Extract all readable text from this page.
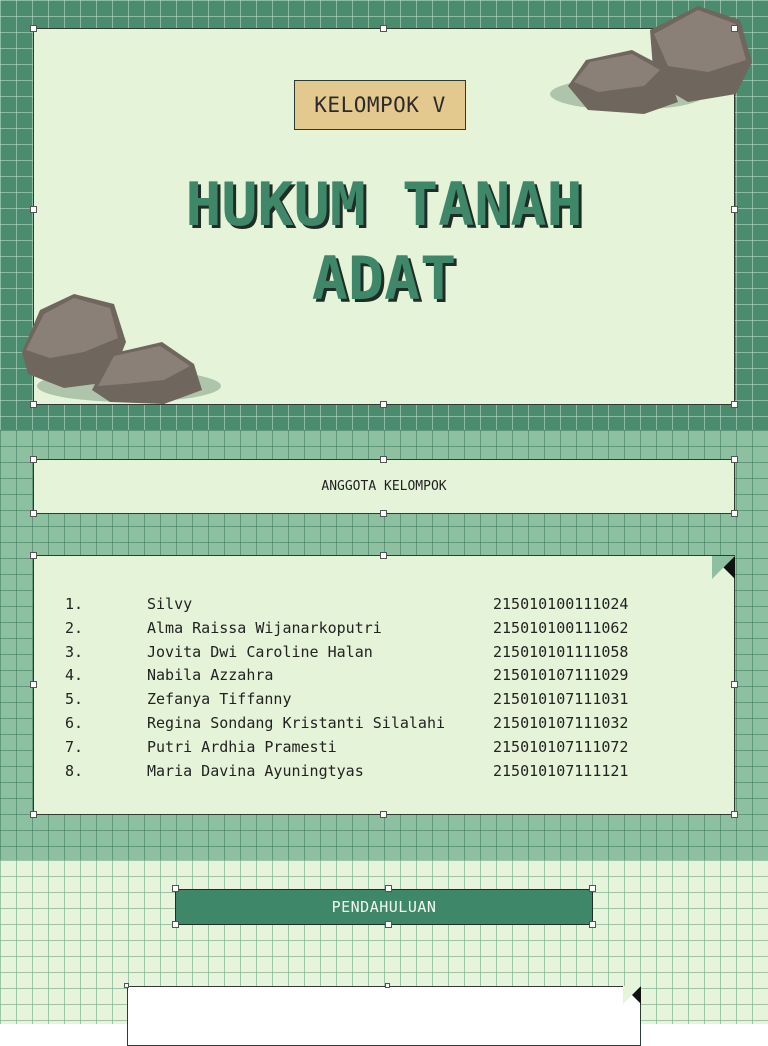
KELOMPOK V
HUKUM TANAH
ADAT
ANGGOTA KELOMPOK
1.	Silvy	215010100111024
2.	Alma Raissa Wijanarkoputri	215010100111062
3.	Jovita Dwi Caroline Halan	215010101111058
4.	Nabila Azzahra	215010107111029
5.	Zefanya Tiffanny	215010107111031
6.	Regina Sondang Kristanti Silalahi	215010107111032
7.	Putri Ardhia Pramesti	215010107111072
8.	Maria Davina Ayuningtyas	215010107111121
PENDAHULUAN
